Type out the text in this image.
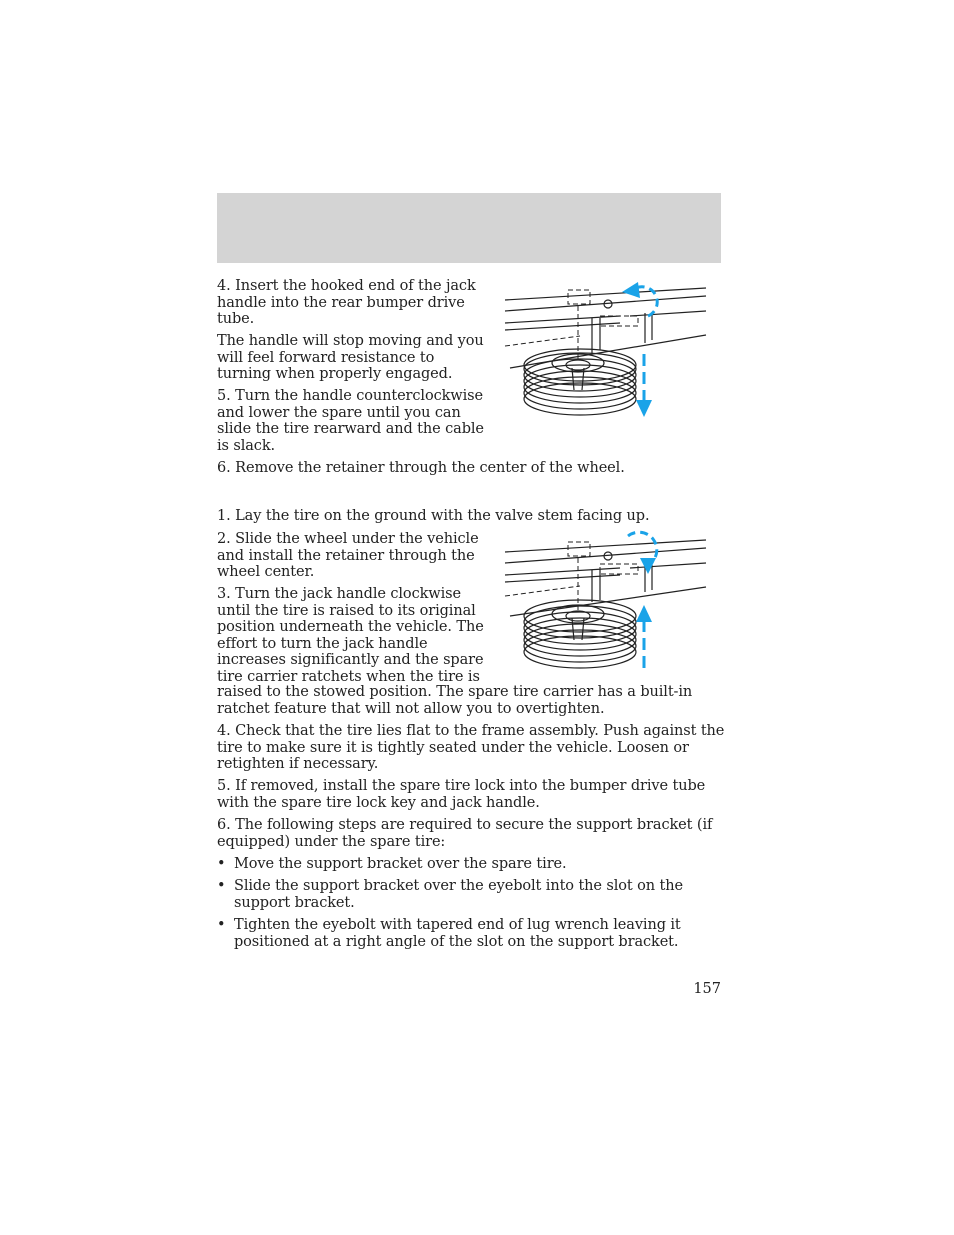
4. Insert the hooked end of the jack handle into the rear bumper drive tube.

The handle will stop moving and you will feel forward resistance to turning when properly engaged.

5. Turn the handle counterclockwise and lower the spare until you can slide the tire rearward and the cable is slack.

6. Remove the retainer through the center of the wheel.

1. Lay the tire on the ground with the valve stem facing up.

2. Slide the wheel under the vehicle and install the retainer through the wheel center.

3. Turn the jack handle clockwise until the tire is raised to its original position underneath the vehicle. The effort to turn the jack handle increases significantly and the spare tire carrier ratchets when the tire is

raised to the stowed position. The spare tire carrier has a built-in ratchet feature that will not allow you to overtighten.

4. Check that the tire lies flat to the frame assembly. Push against the tire to make sure it is tightly seated under the vehicle. Loosen or retighten if necessary.

5. If removed, install the spare tire lock into the bumper drive tube with the spare tire lock key and jack handle.

6. The following steps are required to secure the support bracket (if equipped) under the spare tire:

• Move the support bracket over the spare tire.
• Slide the support bracket over the eyebolt into the slot on the support bracket.
• Tighten the eyebolt with tapered end of lug wrench leaving it positioned at a right angle of the slot on the support bracket.
157
